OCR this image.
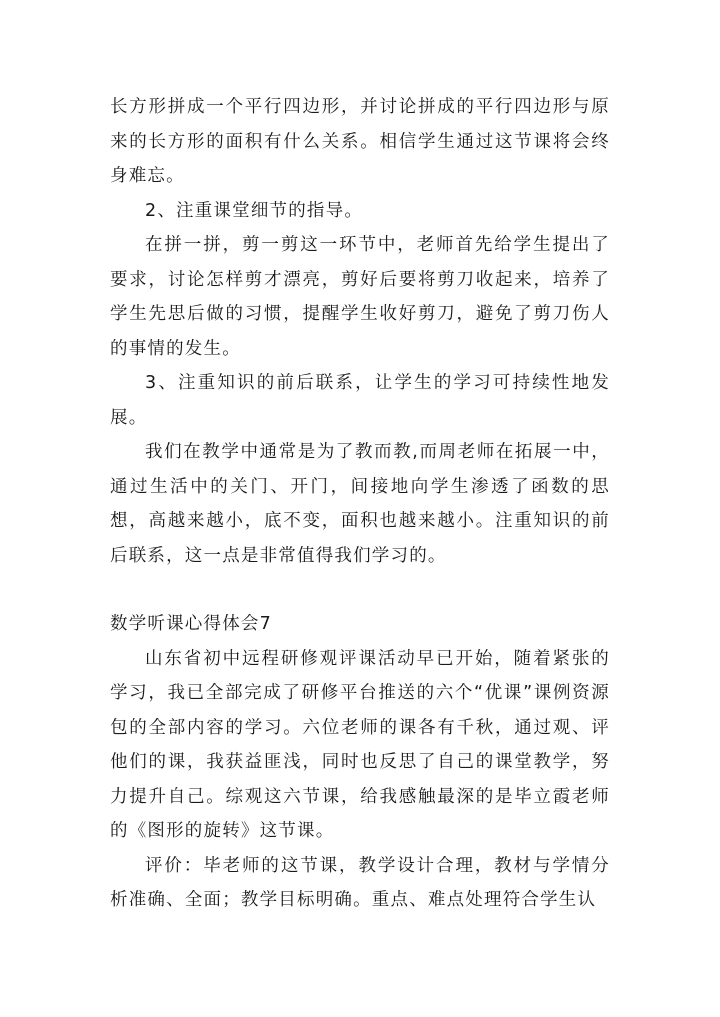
长方形拼成一个平行四边形，并讨论拼成的平行四边形与原来的长方形的面积有什么关系。相信学生通过这节课将会终身难忘。

2、注重课堂细节的指导。

在拼一拼，剪一剪这一环节中，老师首先给学生提出了要求，讨论怎样剪才漂亮，剪好后要将剪刀收起来，培养了学生先思后做的习惯，提醒学生收好剪刀，避免了剪刀伤人的事情的发生。

3、注重知识的前后联系，让学生的学习可持续性地发展。

我们在教学中通常是为了教而教,而周老师在拓展一中，通过生活中的关门、开门，间接地向学生渗透了函数的思想，高越来越小，底不变，面积也越来越小。注重知识的前后联系，这一点是非常值得我们学习的。

数学听课心得体会7

山东省初中远程研修观评课活动早已开始，随着紧张的学习，我已全部完成了研修平台推送的六个“优课”课例资源包的全部内容的学习。六位老师的课各有千秋，通过观、评他们的课，我获益匪浅，同时也反思了自己的课堂教学，努力提升自己。综观这六节课，给我感触最深的是毕立霞老师的《图形的旋转》这节课。

评价：毕老师的这节课，教学设计合理，教材与学情分析准确、全面；教学目标明确。重点、难点处理符合学生认
